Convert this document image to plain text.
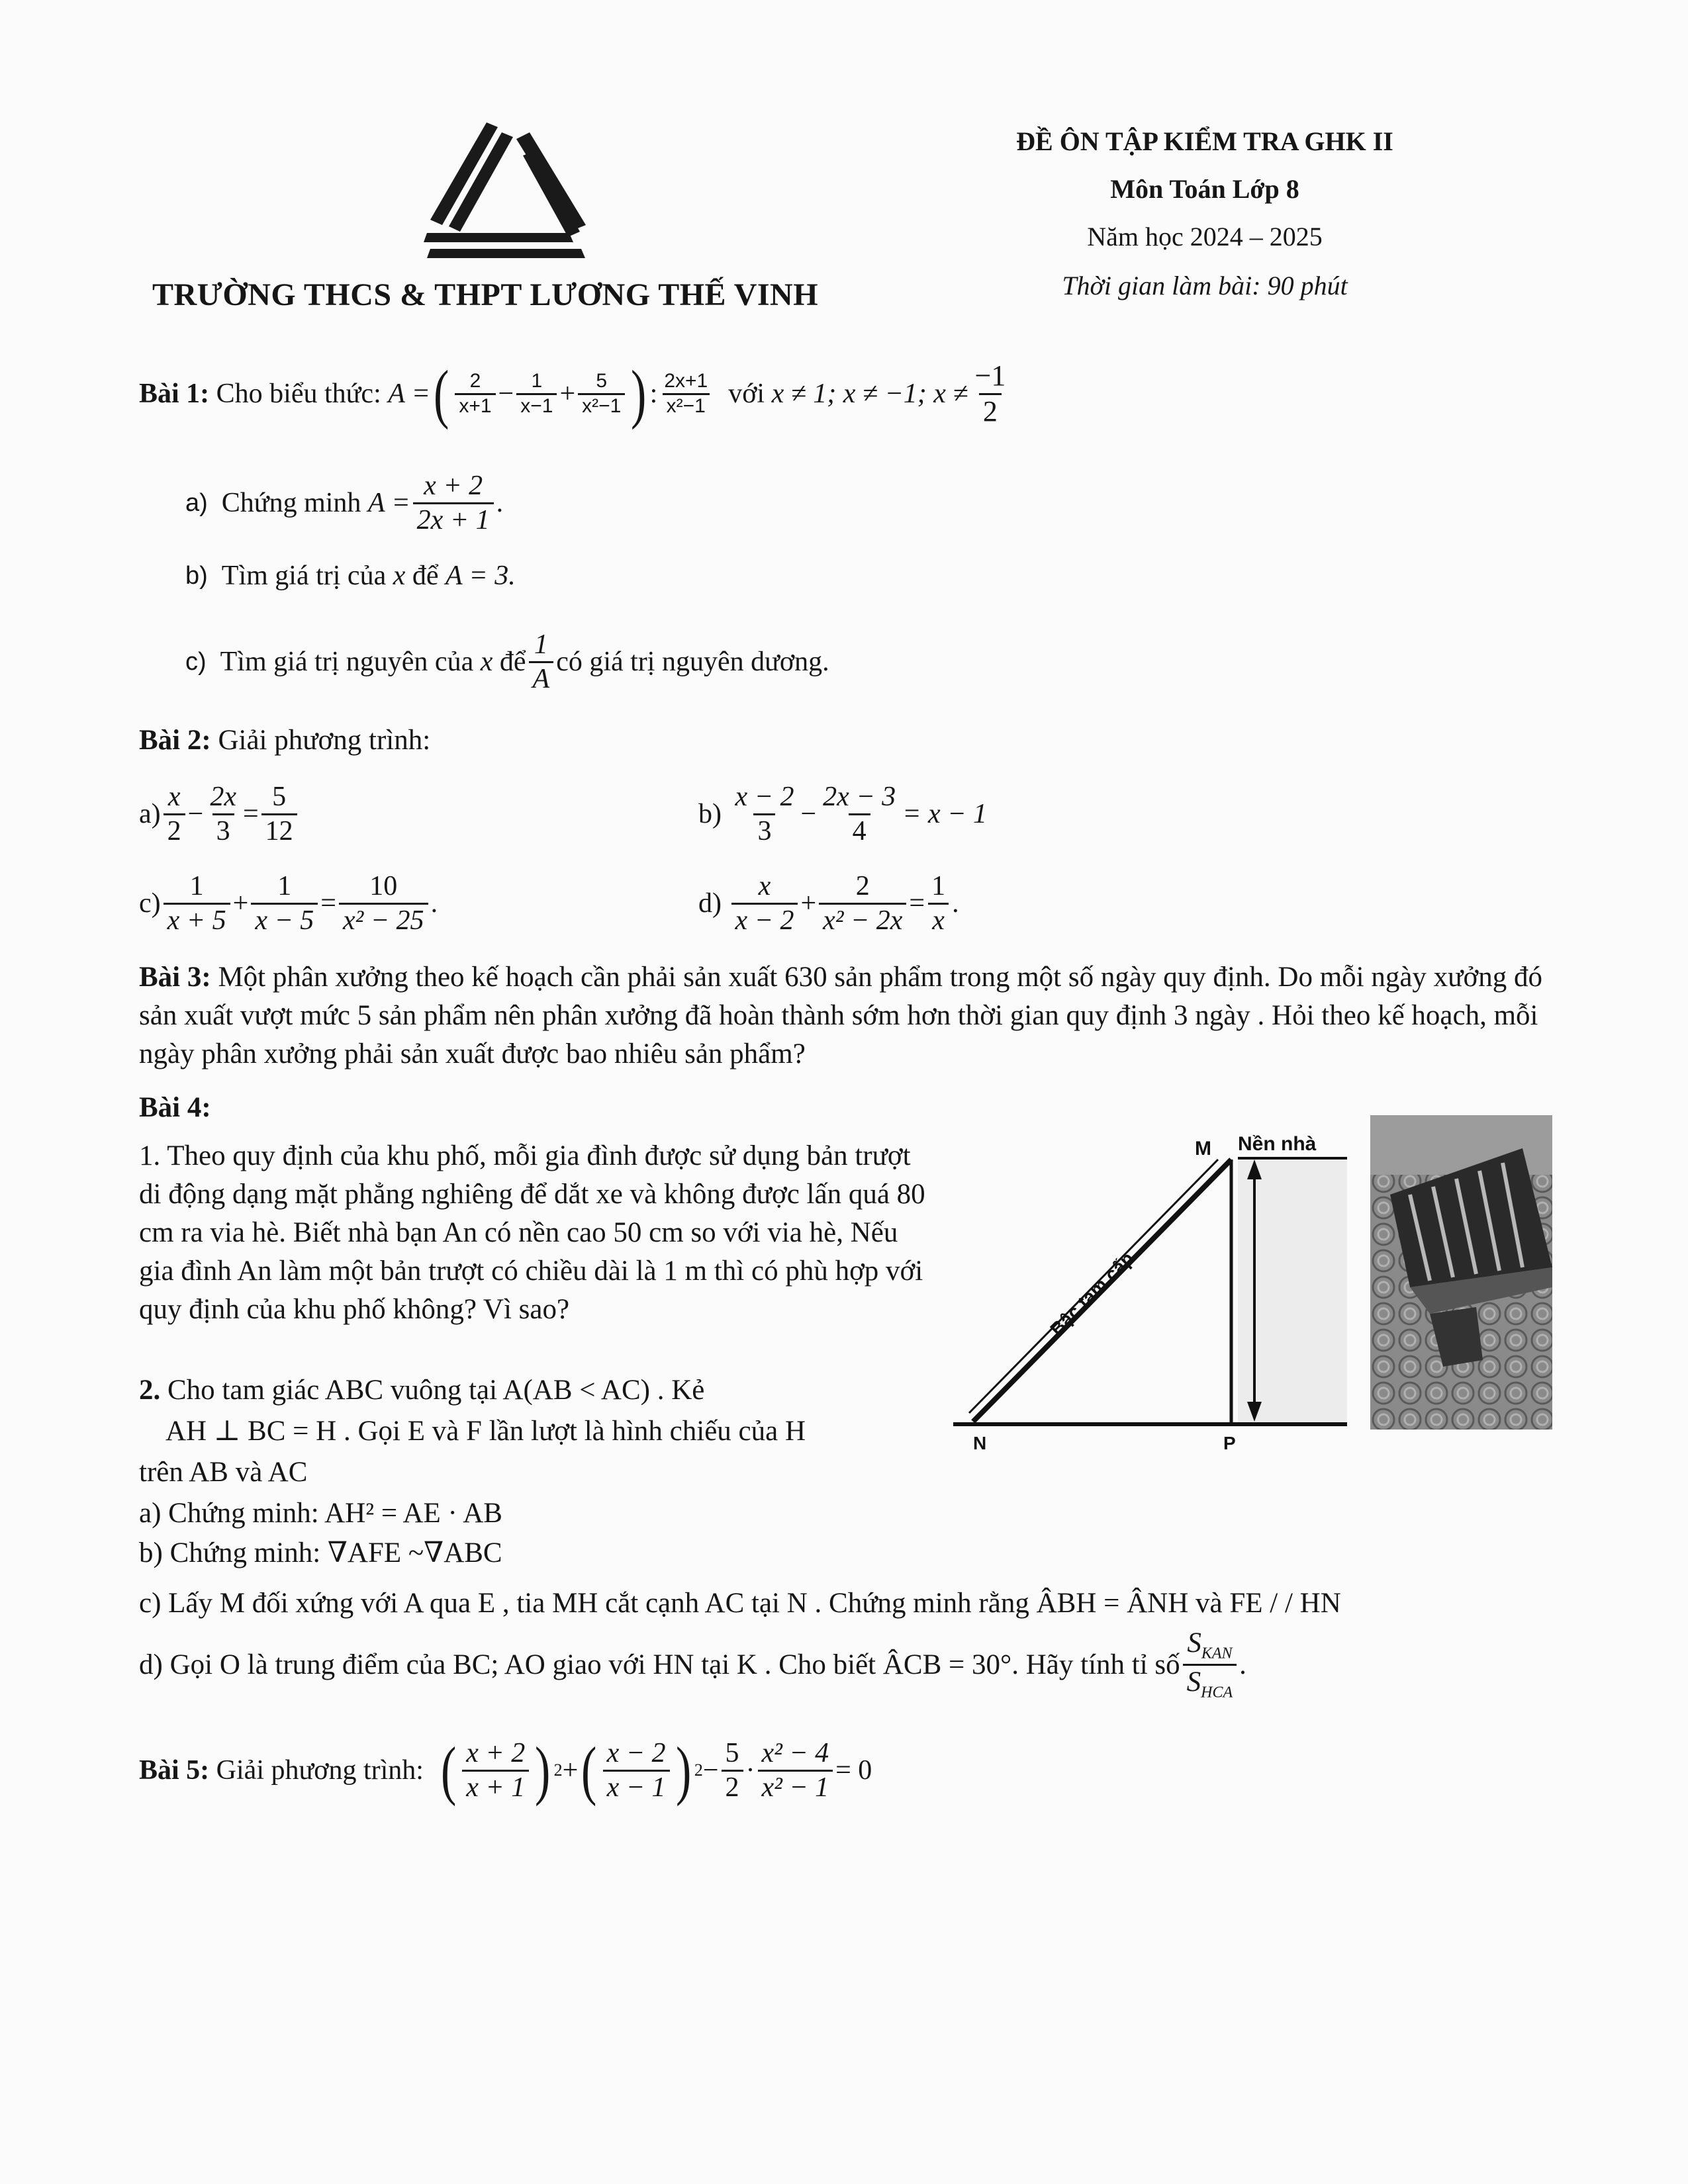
TRƯỜNG THCS & THPT LƯƠNG THẾ VINH
ĐỀ ÔN TẬP KIỂM TRA GHK II
Môn Toán Lớp 8
Năm học 2024 – 2025
Thời gian làm bài: 90 phút
Bài 1:
Cho biểu thức:
A = ( $\frac{2}{x+1} - \frac{1}{x-1} + \frac{5}{\text{x²−1}}$ ) : $\frac{2x+1}{\text{x²−1}}$
với
x ≠ 1; x ≠ −1; $x \ne \frac{-1}{2}$
a)
Chứng minh
$A = \frac{x + 2}{2x + 1}$ .
b)
Tìm giá trị của
x
để
A = 3.
c)
Tìm giá trị nguyên của
x
để $\frac{1}{A}$ có giá trị nguyên dương.
Bài 2: Giải phương trình:
$a) \frac{x}{2} - \frac{2x}{3} = \frac{5}{12}$	b)
$\frac{x - 2}{3} - \frac{2x - 3}{4} = x - 1$
$c) \frac{1}{x + 5} + \frac{1}{x - 5} = \frac{10}{\text{x² − 25}}$ .	d)
$\frac{x}{x - 2} + \frac{2}{\text{x² − 2x}} = \frac{1}{x}$ .
Bài 3: Một phân xưởng theo kế hoạch cần phải sản xuất 630 sản phẩm trong một số ngày quy định. Do mỗi ngày xưởng đó sản xuất vượt mức 5 sản phẩm nên phân xưởng đã hoàn thành sớm hơn thời gian quy định 3 ngày . Hỏi theo kế hoạch, mỗi ngày phân xưởng phải sản xuất được bao nhiêu sản phẩm?
Bài 4:
1. Theo quy định của khu phố, mỗi gia đình được sử dụng bản trượt di động dạng mặt phẳng nghiêng để dắt xe và không được lấn quá 80 cm ra via hè. Biết nhà bạn An có nền cao 50 cm so với via hè, Nếu gia đình An làm một bản trượt có chiều dài là 1 m thì có phù hợp với quy định của khu phố không? Vì sao?
2. Cho tam giác ABC vuông tại A(AB < AC) . Kẻ
AH ⊥ BC = H . Gọi E và F lần lượt là hình chiếu của H
trên AB và AC
a) Chứng minh: AH² = AE · AB
b) Chứng minh: ∇AFE ~∇ABC
c) Lấy M đối xứng với A qua E , tia MH cắt cạnh AC tại N . Chứng minh rằng ÂBH = ÂNH và FE / / HN
d) Gọi O là trung điểm của BC; AO giao với HN tại K . Cho biết ÂCB = 30°. Hãy tính tỉ số $\frac{S_{KAN}}{S_{HCA}}$ .
M Nền nhà
N	P
Bậc tam cấp
Bài 5:
Giải phương trình:
( $\frac{x + 2}{x + 1}$ ) 2 + ( $\frac{x - 2}{x - 1}$ ) $2 - \frac{5}{2} \cdot \frac{\text{x² − 4}}{\text{x² − 1}} = 0$
